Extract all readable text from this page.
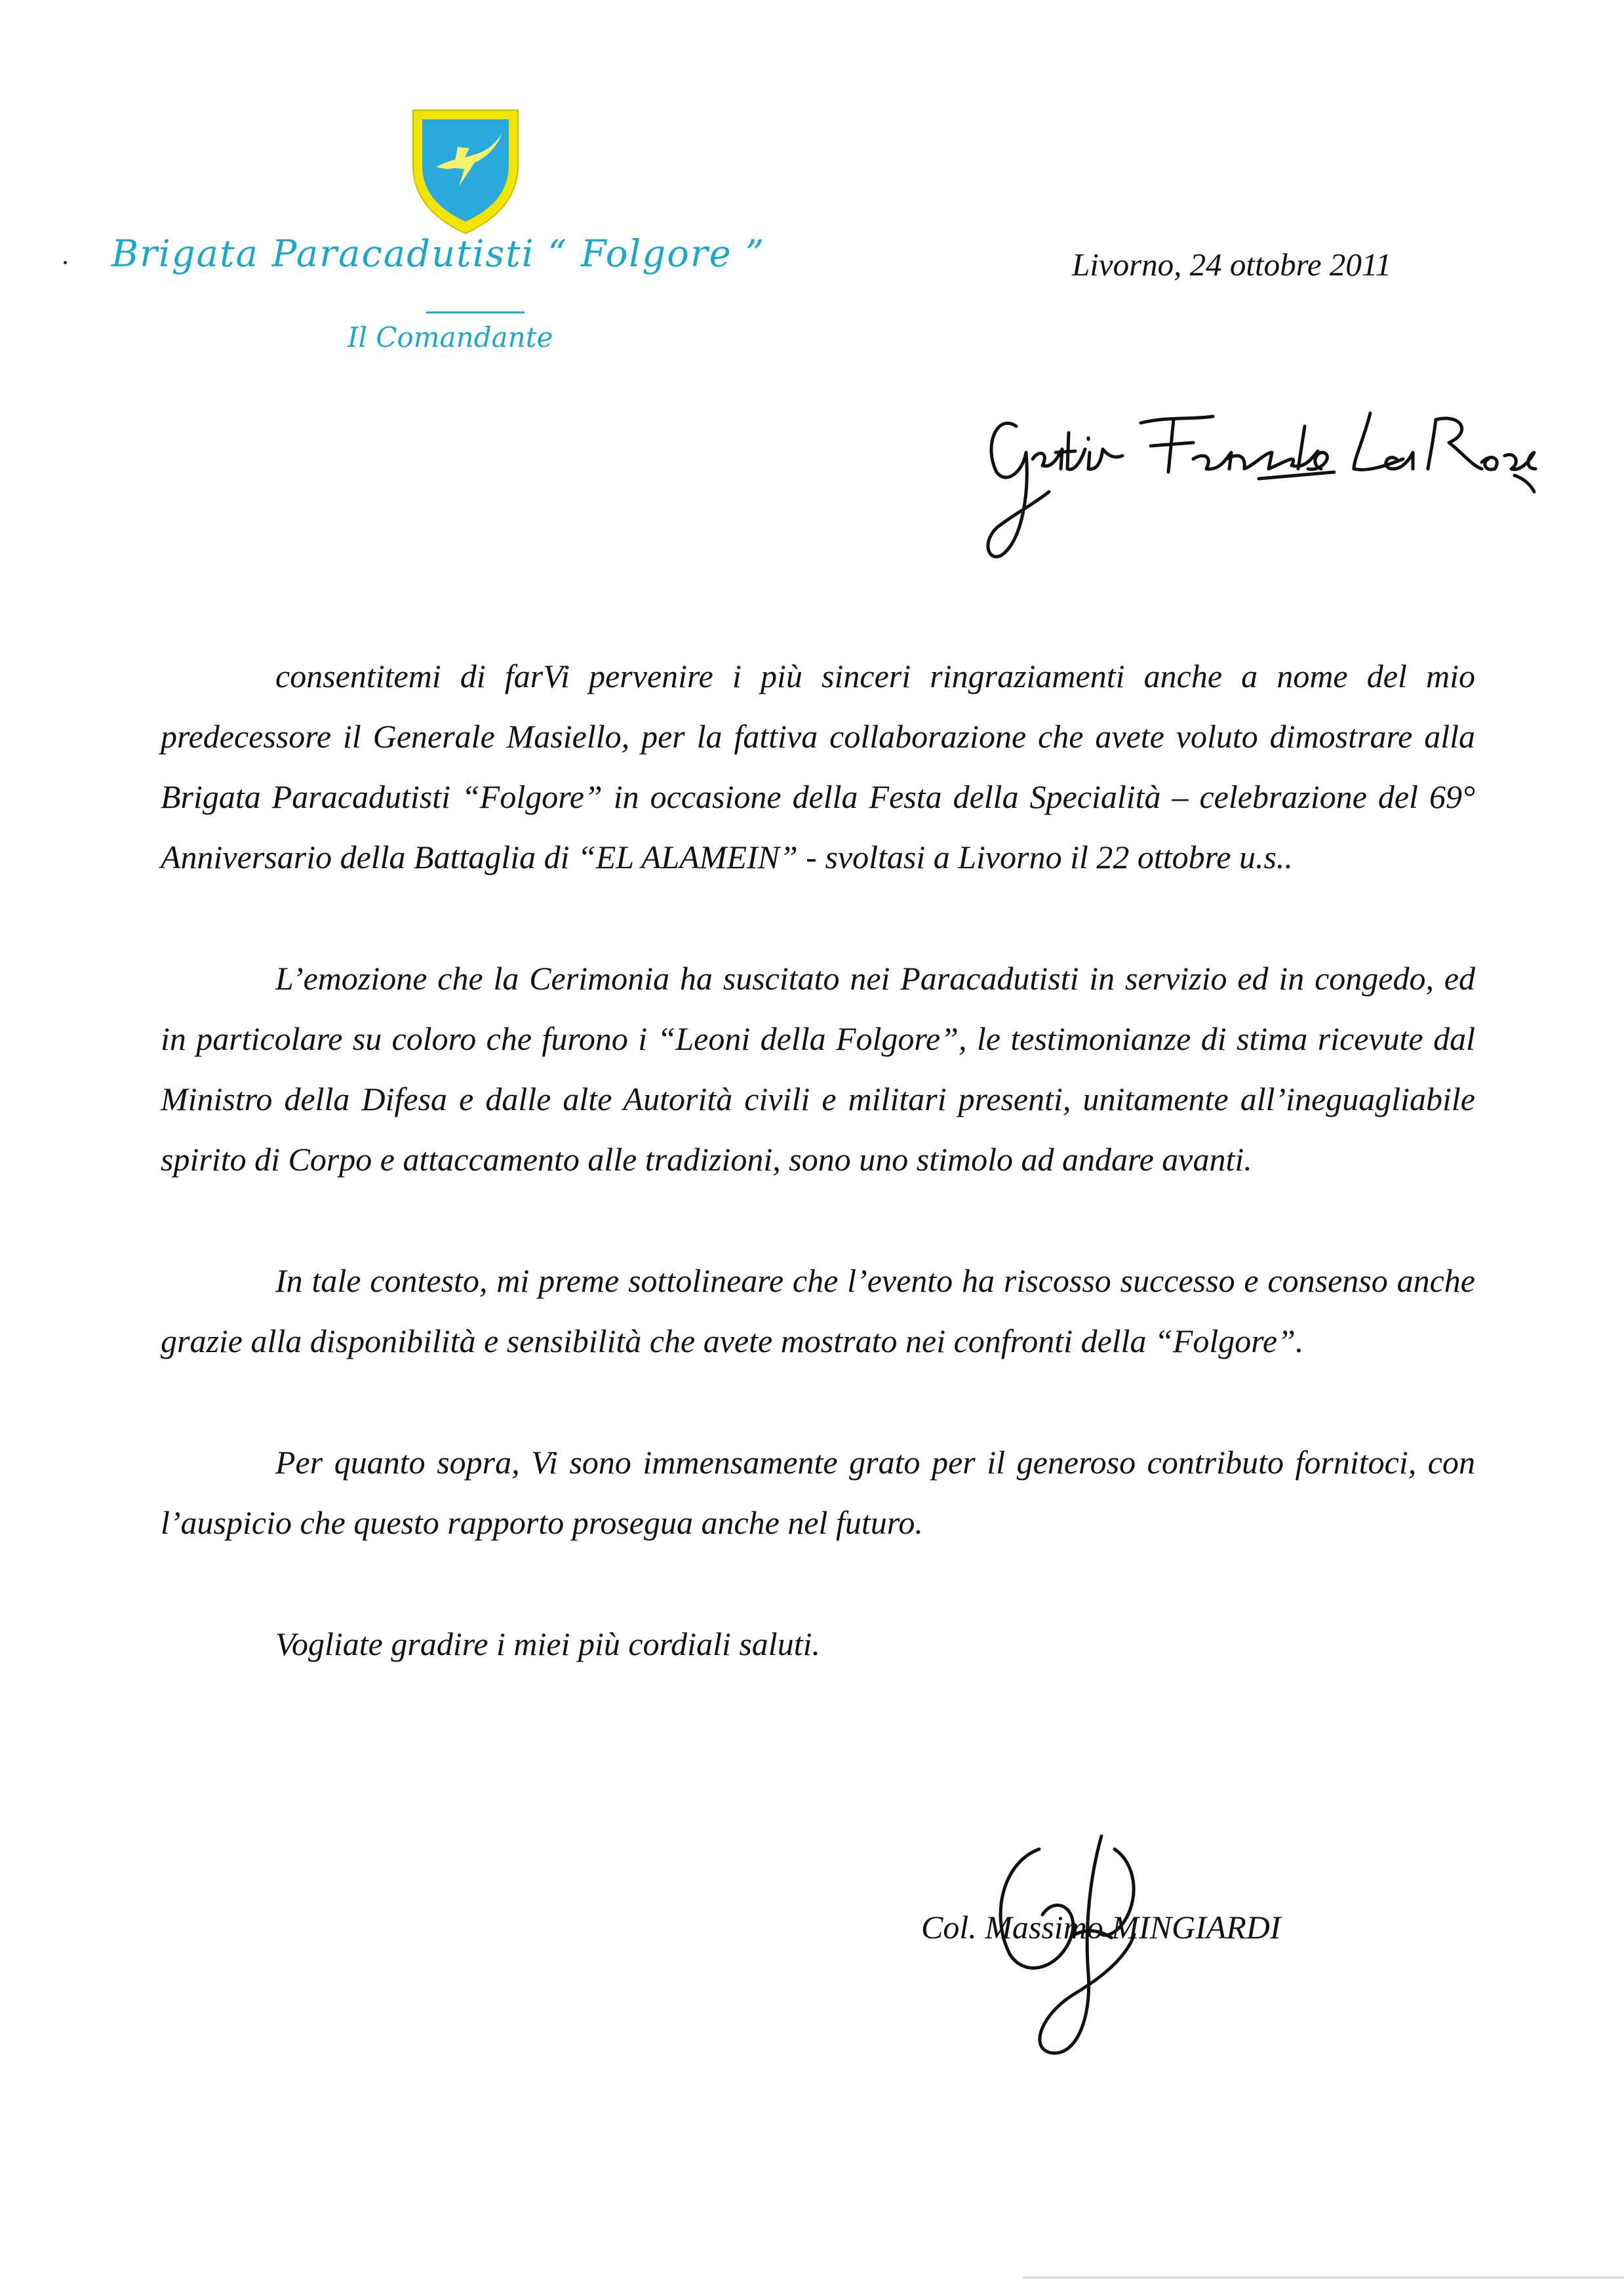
Brigata Paracadutisti “ Folgore ”
Il Comandante
Livorno, 24 ottobre 2011

consentitemi di farVi pervenire i più sinceri ringraziamenti anche a nome del mio predecessore il Generale Masiello, per la fattiva collaborazione che avete voluto dimostrare alla Brigata Paracadutisti “Folgore” in occasione della Festa della Specialità – celebrazione del 69° Anniversario della Battaglia di “EL ALAMEIN” - svoltasi a Livorno il 22 ottobre u.s..

L’emozione che la Cerimonia ha suscitato nei Paracadutisti in servizio ed in congedo, ed in particolare su coloro che furono i “Leoni della Folgore”, le testimonianze di stima ricevute dal Ministro della Difesa e dalle alte Autorità civili e militari presenti, unitamente all’ineguagliabile spirito di Corpo e attaccamento alle tradizioni, sono uno stimolo ad andare avanti.

In tale contesto, mi preme sottolineare che l’evento ha riscosso successo e consenso anche grazie alla disponibilità e sensibilità che avete mostrato nei confronti della “Folgore”.

Per quanto sopra, Vi sono immensamente grato per il generoso contributo fornitoci, con l’auspicio che questo rapporto prosegua anche nel futuro.

Vogliate gradire i miei più cordiali saluti.

Col. Massimo MINGIARDI
